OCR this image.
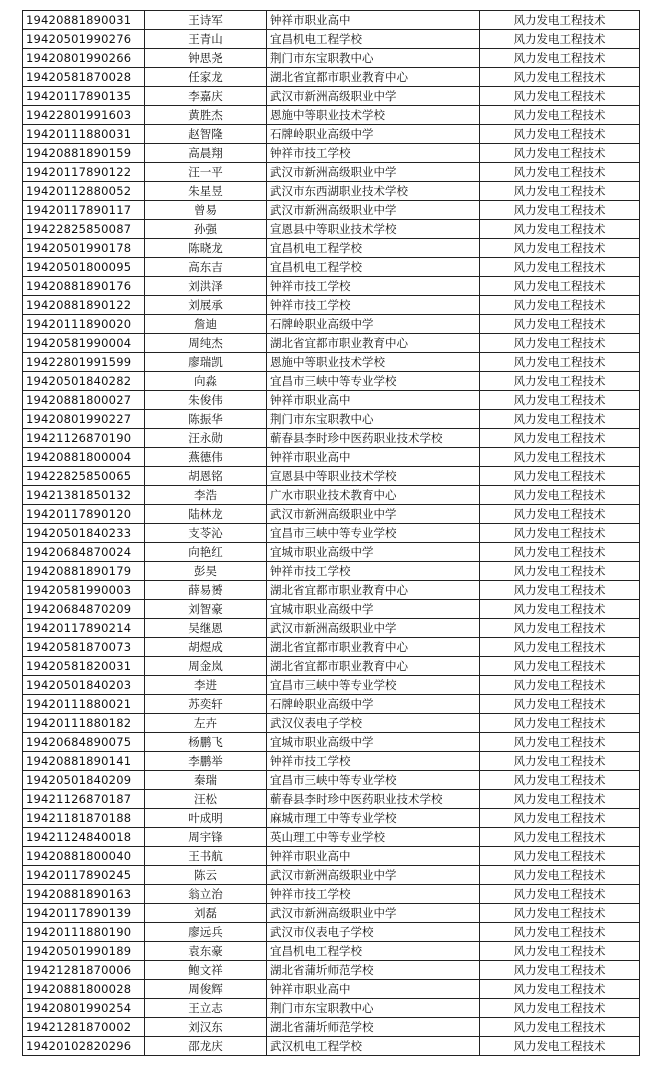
19420881890031	王诗军	钟祥市职业高中	风力发电工程技术
19420501990276	王青山	宜昌机电工程学校	风力发电工程技术
19420801990266	钟思尧	荆门市东宝职教中心	风力发电工程技术
19420581870028	任家龙	湖北省宜都市职业教育中心	风力发电工程技术
19420117890135	李嘉庆	武汉市新洲高级职业中学	风力发电工程技术
19422801991603	黄胜杰	恩施中等职业技术学校	风力发电工程技术
19420111880031	赵智隆	石牌岭职业高级中学	风力发电工程技术
19420881890159	高晨翔	钟祥市技工学校	风力发电工程技术
19420117890122	汪一平	武汉市新洲高级职业中学	风力发电工程技术
19420112880052	朱星昱	武汉市东西湖职业技术学校	风力发电工程技术
19420117890117	曾易	武汉市新洲高级职业中学	风力发电工程技术
19422825850087	孙强	宣恩县中等职业技术学校	风力发电工程技术
19420501990178	陈晓龙	宜昌机电工程学校	风力发电工程技术
19420501800095	高东吉	宜昌机电工程学校	风力发电工程技术
19420881890176	刘洪泽	钟祥市技工学校	风力发电工程技术
19420881890122	刘展承	钟祥市技工学校	风力发电工程技术
19420111890020	詹迪	石牌岭职业高级中学	风力发电工程技术
19420581990004	周纯杰	湖北省宜都市职业教育中心	风力发电工程技术
19422801991599	廖瑞凯	恩施中等职业技术学校	风力发电工程技术
19420501840282	向淼	宜昌市三峡中等专业学校	风力发电工程技术
19420881800027	朱俊伟	钟祥市职业高中	风力发电工程技术
19420801990227	陈振华	荆门市东宝职教中心	风力发电工程技术
19421126870190	汪永勋	蕲春县李时珍中医药职业技术学校	风力发电工程技术
19420881800004	燕德伟	钟祥市职业高中	风力发电工程技术
19422825850065	胡恩铭	宣恩县中等职业技术学校	风力发电工程技术
19421381850132	李浩	广水市职业技术教育中心	风力发电工程技术
19420117890120	陆林龙	武汉市新洲高级职业中学	风力发电工程技术
19420501840233	支苓沁	宜昌市三峡中等专业学校	风力发电工程技术
19420684870024	向艳红	宜城市职业高级中学	风力发电工程技术
19420881890179	彭昊	钟祥市技工学校	风力发电工程技术
19420581990003	薛易赟	湖北省宜都市职业教育中心	风力发电工程技术
19420684870209	刘智豪	宜城市职业高级中学	风力发电工程技术
19420117890214	吴继恩	武汉市新洲高级职业中学	风力发电工程技术
19420581870073	胡煜成	湖北省宜都市职业教育中心	风力发电工程技术
19420581820031	周金岚	湖北省宜都市职业教育中心	风力发电工程技术
19420501840203	李进	宜昌市三峡中等专业学校	风力发电工程技术
19420111880021	苏奕轩	石牌岭职业高级中学	风力发电工程技术
19420111880182	左卉	武汉仪表电子学校	风力发电工程技术
19420684890075	杨鹏飞	宜城市职业高级中学	风力发电工程技术
19420881890141	李鹏举	钟祥市技工学校	风力发电工程技术
19420501840209	秦瑞	宜昌市三峡中等专业学校	风力发电工程技术
19421126870187	汪松	蕲春县李时珍中医药职业技术学校	风力发电工程技术
19421181870188	叶成明	麻城市理工中等专业学校	风力发电工程技术
19421124840018	周宇锋	英山理工中等专业学校	风力发电工程技术
19420881800040	王书航	钟祥市职业高中	风力发电工程技术
19420117890245	陈云	武汉市新洲高级职业中学	风力发电工程技术
19420881890163	翁立治	钟祥市技工学校	风力发电工程技术
19420117890139	刘磊	武汉市新洲高级职业中学	风力发电工程技术
19420111880190	廖远兵	武汉市仪表电子学校	风力发电工程技术
19420501990189	袁东豪	宜昌机电工程学校	风力发电工程技术
19421281870006	鲍文祥	湖北省蒲圻师范学校	风力发电工程技术
19420881800028	周俊辉	钟祥市职业高中	风力发电工程技术
19420801990254	王立志	荆门市东宝职教中心	风力发电工程技术
19421281870002	刘汉东	湖北省蒲圻师范学校	风力发电工程技术
19420102820296	邵龙庆	武汉机电工程学校	风力发电工程技术
